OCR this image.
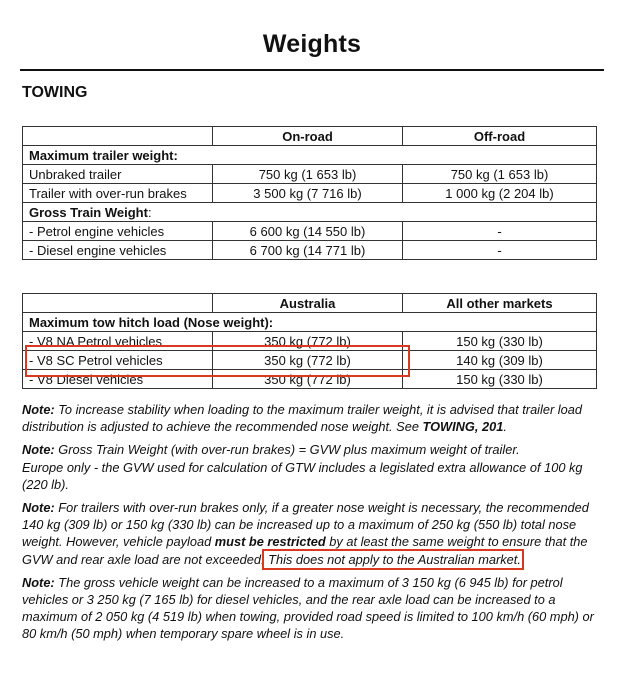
Weights
TOWING
	On-road	Off-road
Maximum trailer weight:		
Unbraked trailer	750 kg (1 653 lb)	750 kg (1 653 lb)
Trailer with over-run brakes	3 500 kg (7 716 lb)	1 000 kg (2 204 lb)
Gross Train Weight:		
- Petrol engine vehicles	6 600 kg (14 550 lb)	-
- Diesel engine vehicles	6 700 kg (14 771 lb)	-
	Australia	All other markets
Maximum tow hitch load (Nose weight):		
- V8 NA Petrol vehicles	350 kg (772 lb)	150 kg (330 lb)
- V8 SC Petrol vehicles	350 kg (772 lb)	140 kg (309 lb)
- V8 Diesel vehicles	350 kg (772 lb)	150 kg (330 lb)

Note: To increase stability when loading to the maximum trailer weight, it is advised that trailer load distribution is adjusted to achieve the recommended nose weight. See TOWING, 201.

Note: Gross Train Weight (with over-run brakes) = GVW plus maximum weight of trailer.
Europe only - the GVW used for calculation of GTW includes a legislated extra allowance of 100 kg (220 lb).

Note: For trailers with over-run brakes only, if a greater nose weight is necessary, the recommended 140 kg (309 lb) or 150 kg (330 lb) can be increased up to a maximum of 250 kg (550 lb) total nose weight. However, vehicle payload must be restricted by at least the same weight to ensure that the GVW and rear axle load are not exceeded. This does not apply to the Australian market.

Note: The gross vehicle weight can be increased to a maximum of 3 150 kg (6 945 lb) for petrol vehicles or 3 250 kg (7 165 lb) for diesel vehicles, and the rear axle load can be increased to a maximum of 2 050 kg (4 519 lb) when towing, provided road speed is limited to 100 km/h (60 mph) or 80 km/h (50 mph) when temporary spare wheel is in use.
